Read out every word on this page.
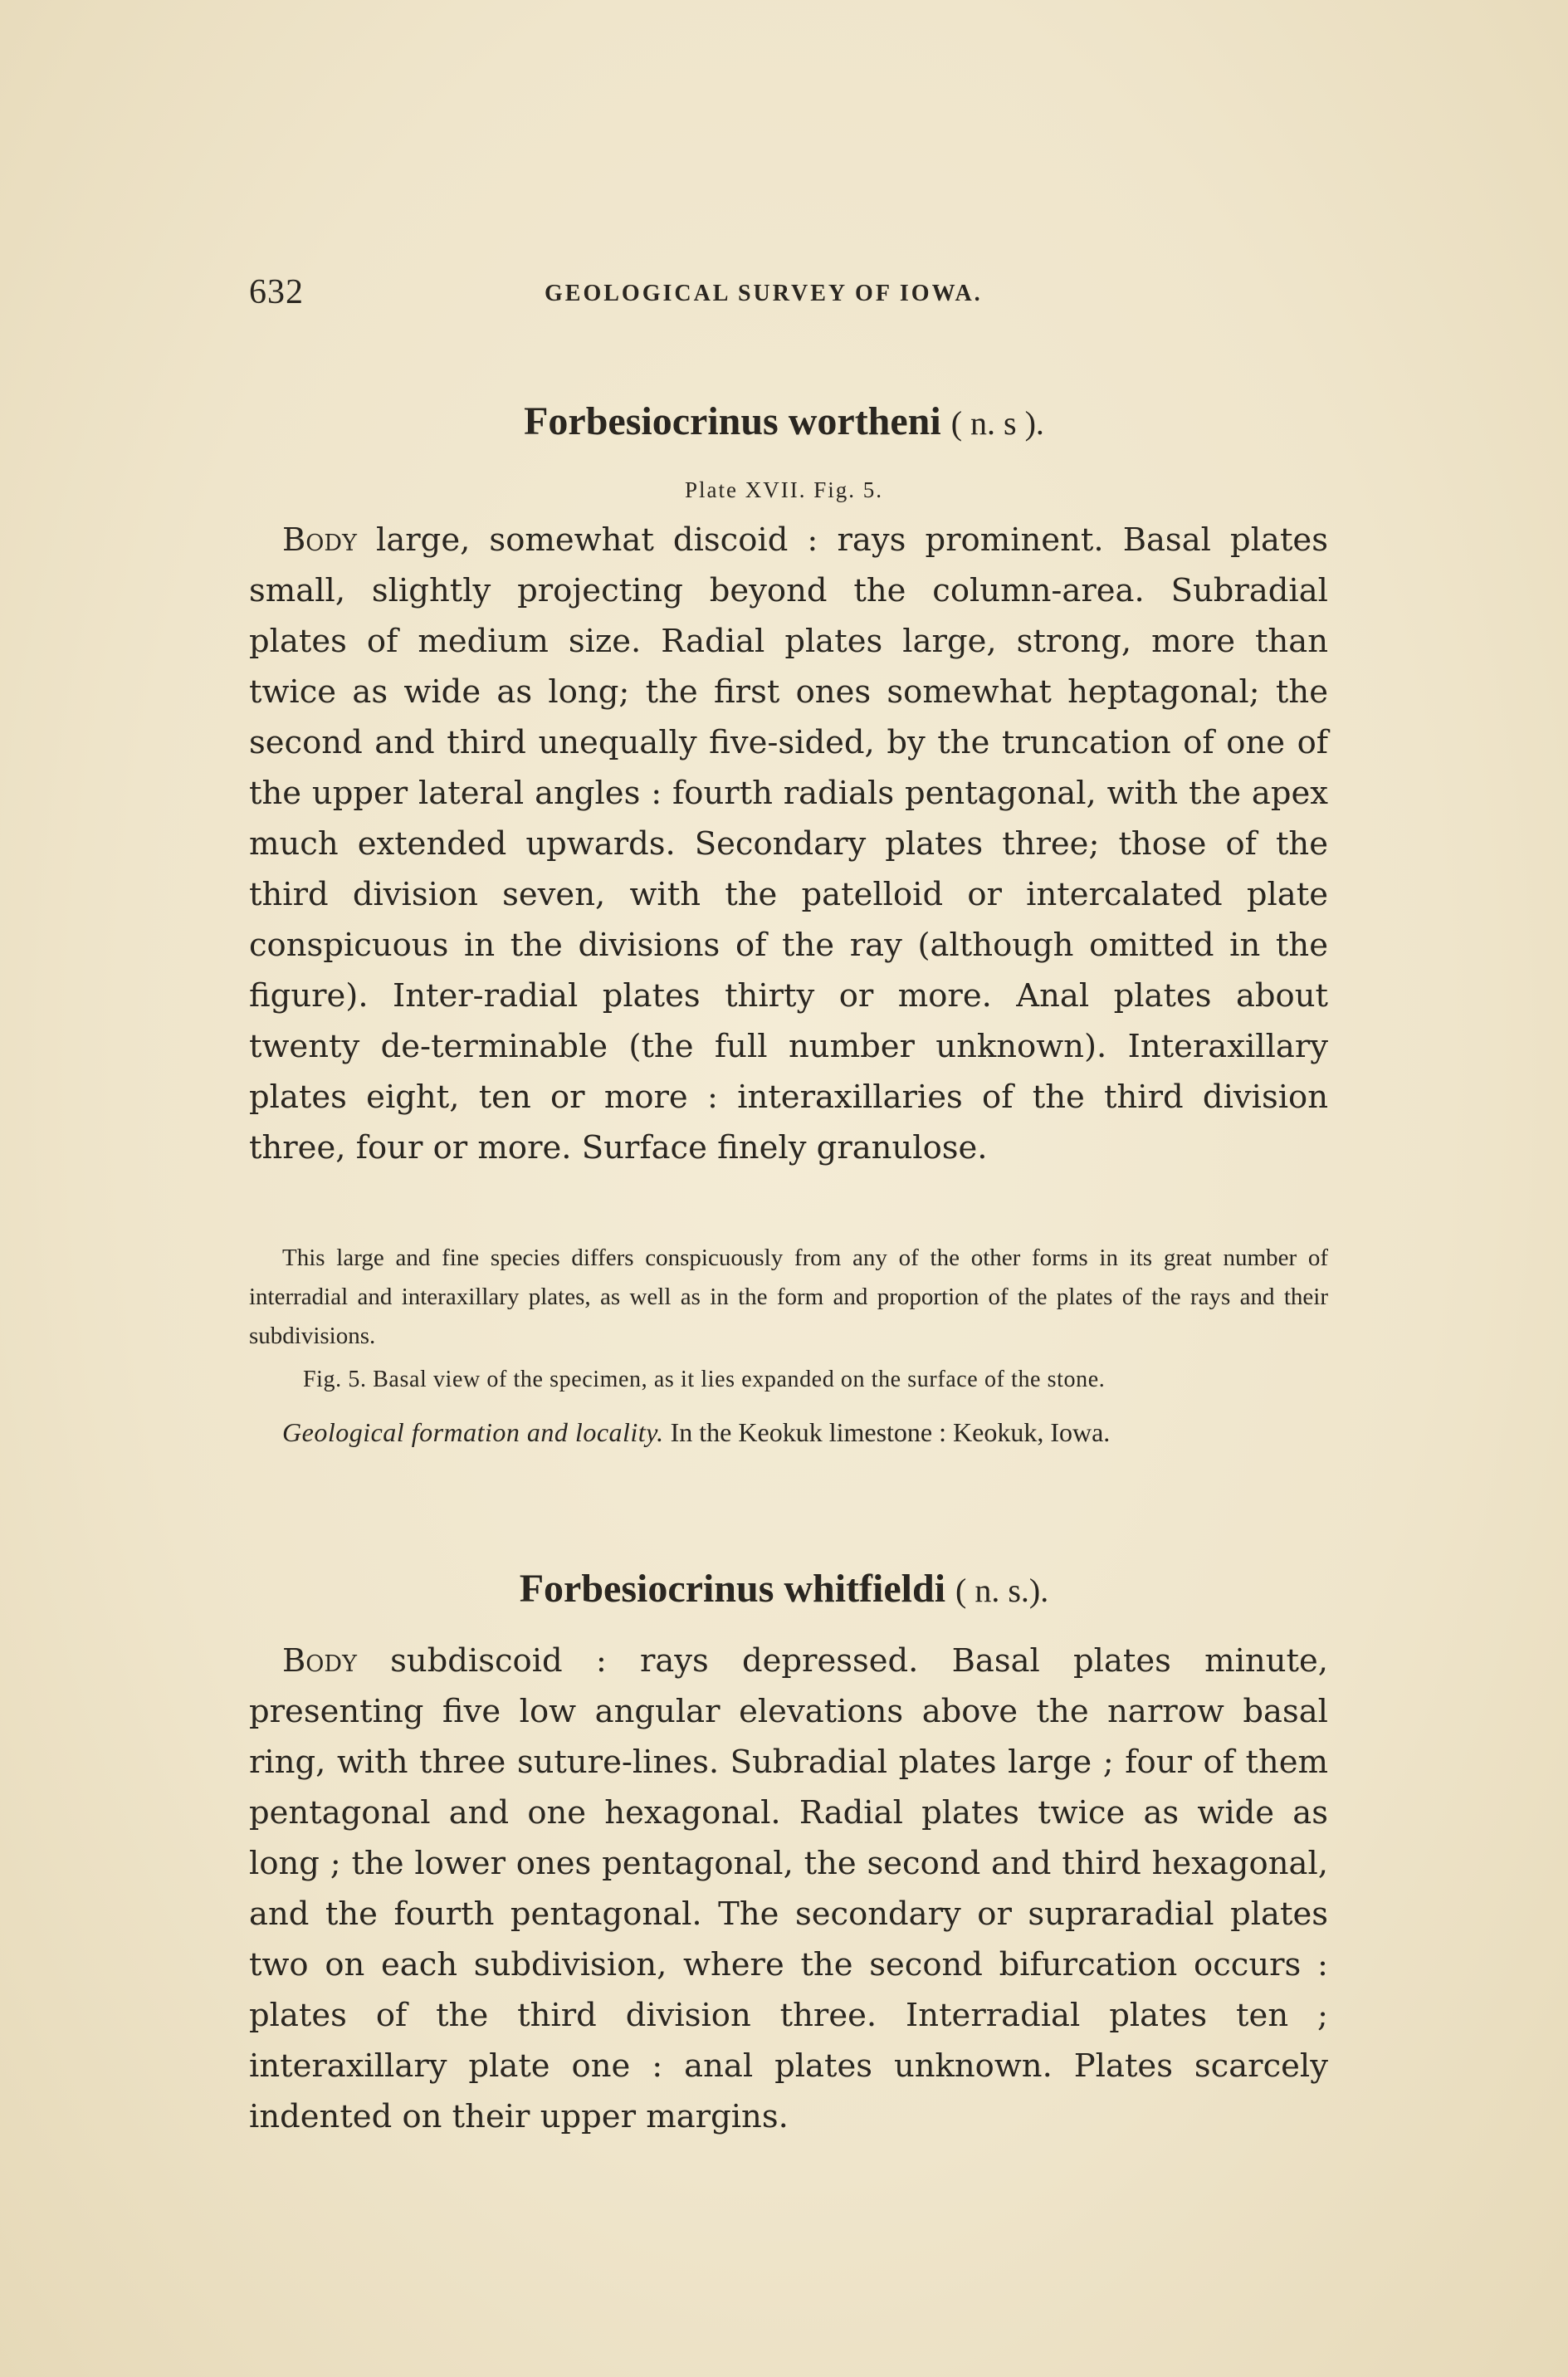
632	GEOLOGICAL SURVEY OF IOWA.
Forbesiocrinus wortheni ( n. s ).
Plate XVII. Fig. 5.
Body large, somewhat discoid : rays prominent. Basal plates small, slightly projecting beyond the column-area. Subradial plates of medium size. Radial plates large, strong, more than twice as wide as long; the first ones somewhat heptagonal; the second and third unequally five-sided, by the truncation of one of the upper lateral angles : fourth radials pentagonal, with the apex much extended upwards. Secondary plates three; those of the third division seven, with the patelloid or intercalated plate conspicuous in the divisions of the ray (although omitted in the figure). Inter-radial plates thirty or more. Anal plates about twenty de-terminable (the full number unknown). Interaxillary plates eight, ten or more : interaxillaries of the third division three, four or more. Surface finely granulose.
This large and fine species differs conspicuously from any of the other forms in its great number of interradial and interaxillary plates, as well as in the form and proportion of the plates of the rays and their subdivisions.
Fig. 5. Basal view of the specimen, as it lies expanded on the surface of the stone.
Geological formation and locality. In the Keokuk limestone : Keokuk, Iowa.
Forbesiocrinus whitfieldi ( n. s.).
Body subdiscoid : rays depressed. Basal plates minute, presenting five low angular elevations above the narrow basal ring, with three suture-lines. Subradial plates large ; four of them pentagonal and one hexagonal. Radial plates twice as wide as long ; the lower ones pentagonal, the second and third hexagonal, and the fourth pentagonal. The secondary or supraradial plates two on each subdivision, where the second bifurcation occurs : plates of the third division three. Interradial plates ten ; interaxillary plate one : anal plates unknown. Plates scarcely indented on their upper margins.
